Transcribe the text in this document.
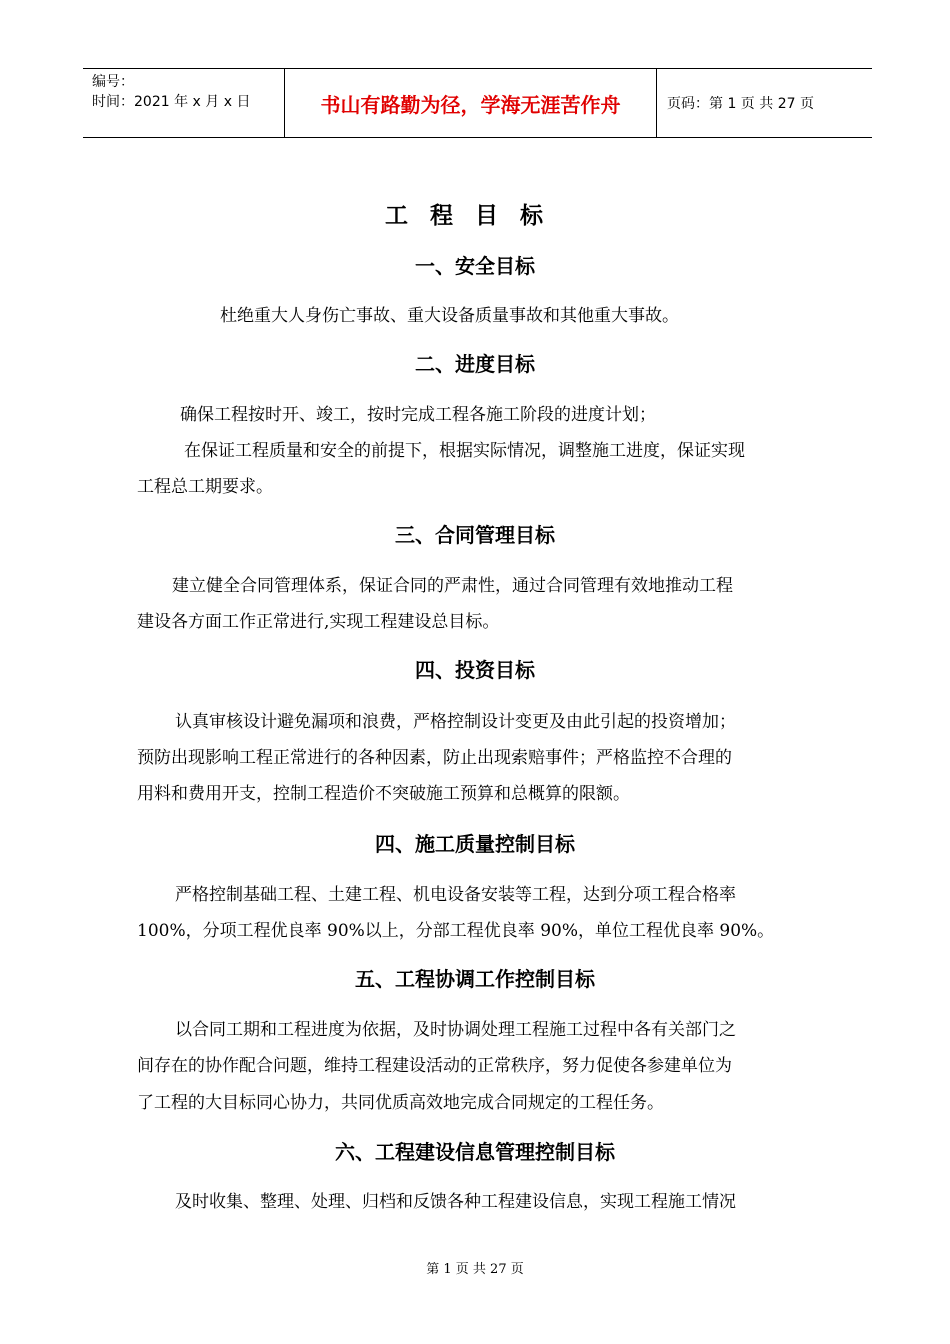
编号：
时间：2021 年 x 月 x 日	书山有路勤为径，学海无涯苦作舟	页码：第 1 页 共 27 页
工程目标
一、安全目标
杜绝重大人身伤亡事故、重大设备质量事故和其他重大事故。
二、进度目标
确保工程按时开、竣工，按时完成工程各施工阶段的进度计划；
在保证工程质量和安全的前提下，根据实际情况，调整施工进度，保证实现
工程总工期要求。
三、合同管理目标
建立健全合同管理体系，保证合同的严肃性，通过合同管理有效地推动工程
建设各方面工作正常进行,实现工程建设总目标。
四、投资目标
认真审核设计避免漏项和浪费，严格控制设计变更及由此引起的投资增加；
预防出现影响工程正常进行的各种因素，防止出现索赔事件；严格监控不合理的
用料和费用开支，控制工程造价不突破施工预算和总概算的限额。
四、施工质量控制目标
严格控制基础工程、土建工程、机电设备安装等工程，达到分项工程合格率
100%，分项工程优良率 90%以上，分部工程优良率 90%，单位工程优良率 90%。
五、工程协调工作控制目标
以合同工期和工程进度为依据，及时协调处理工程施工过程中各有关部门之
间存在的协作配合问题，维持工程建设活动的正常秩序，努力促使各参建单位为
了工程的大目标同心协力，共同优质高效地完成合同规定的工程任务。
六、工程建设信息管理控制目标
及时收集、整理、处理、归档和反馈各种工程建设信息，实现工程施工情况
第 1 页 共 27 页
